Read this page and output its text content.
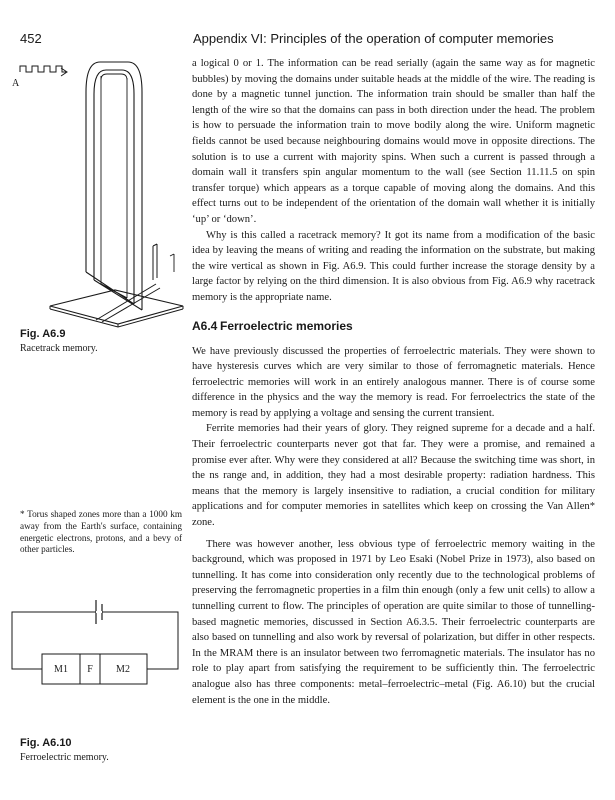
452	Appendix VI: Principles of the operation of computer memories
A
Fig. A6.9
Racetrack memory.
* Torus shaped zones more than a 1000 km away from the Earth's surface, containing energetic electrons, protons, and a bevy of other particles.
M1 F M2
Fig. A6.10
Ferroelectric memory.

a logical 0 or 1. The information can be read serially (again the same way as for magnetic bubbles) by moving the domains under suitable heads at the middle of the wire. The reading is done by a magnetic tunnel junction. The information train should be smaller than half the length of the wire so that the domains can pass in both direction under the head. The problem is how to persuade the information train to move bodily along the wire. Uniform magnetic fields cannot be used because neighbouring domains would move in opposite directions. The solution is to use a current with majority spins. When such a current is passed through a domain wall it transfers spin angular momentum to the wall (see Section 11.11.5 on spin transfer torque) which appears as a torque capable of moving along the domains. And this effect turns out to be independent of the orientation of the domain wall whether it is initially ‘up’ or ‘down’.

Why is this called a racetrack memory? It got its name from a modification of the basic idea by leaving the means of writing and reading the information on the substrate, but making the wire vertical as shown in Fig. A6.9. This could further increase the storage density by a large factor by relying on the third dimension. It is also obvious from Fig. A6.9 why racetrack memory is the appropriate name.

A6.4 Ferroelectric memories

We have previously discussed the properties of ferroelectric materials. They were shown to have hysteresis curves which are very similar to those of ferromagnetic materials. Hence ferroelectric memories will work in an entirely analogous manner. There is of course some difference in the physics and the way the memory is read. For ferroelectrics the state of the memory is read by applying a voltage and sensing the current transient.

Ferrite memories had their years of glory. They reigned supreme for a decade and a half. Their ferroelectric counterparts never got that far. They were a promise, and remained a promise ever after. Why were they considered at all? Because the switching time was short, in the ns range and, in addition, they had a most desirable property: radiation hardness. This means that the memory is largely insensitive to radiation, a crucial condition for military applications and for computer memories in satellites which keep on crossing the Van Allen* zone.

There was however another, less obvious type of ferroelectric memory waiting in the background, which was proposed in 1971 by Leo Esaki (Nobel Prize in 1973), also based on tunnelling. It has come into consideration only recently due to the technological problems of preserving the ferromagnetic properties in a film thin enough (only a few unit cells) to allow a tunnelling current to flow. The principles of operation are quite similar to those of tunnelling-based magnetic memories, discussed in Section A6.3.5. Their ferroelectric counterparts are also based on tunnelling and also work by reversal of polarization, but differ in other respects. In the MRAM there is an insulator between two ferromagnetic materials. The insulator has no role to play apart from satisfying the requirement to be sufficiently thin. The ferroelectric analogue also has three components: metal–ferroelectric–metal (Fig. A6.10) but the crucial element is the one in the middle.
